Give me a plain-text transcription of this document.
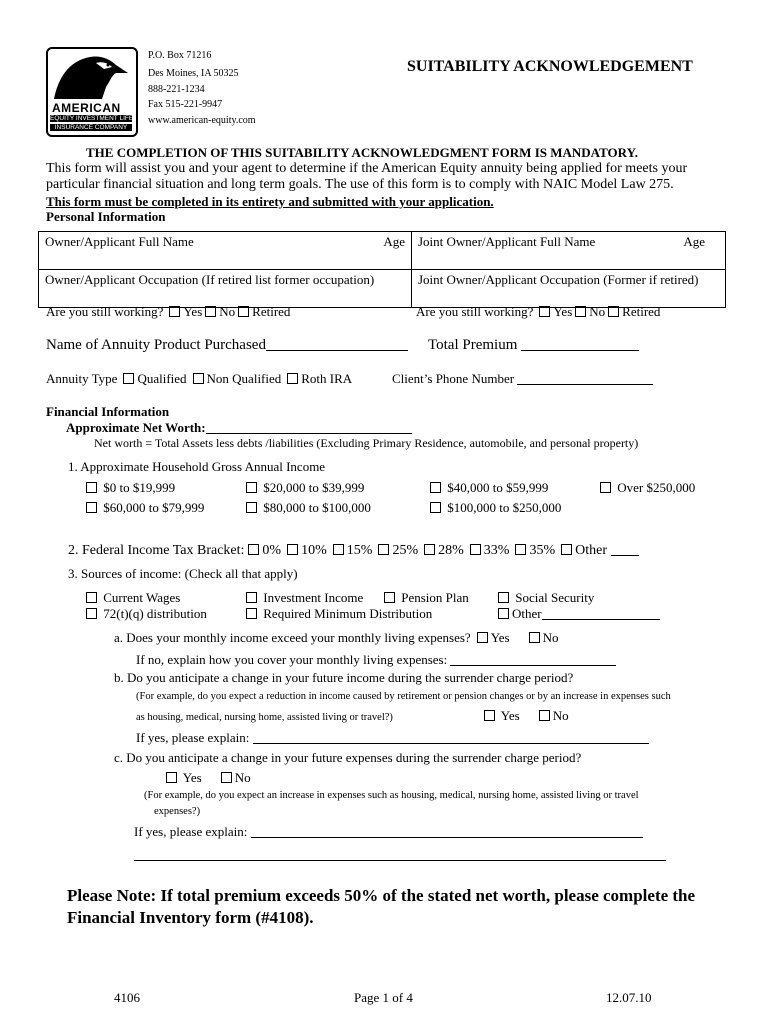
AMERICAN
EQUITY INVESTMENT LIFE
INSURANCE COMPANY
P.O. Box 71216
Des Moines, IA 50325
888-221-1234
Fax 515-221-9947
www.american-equity.com
SUITABILITY ACKNOWLEDGEMENT
THE COMPLETION OF THIS SUITABILITY ACKNOWLEDGMENT FORM IS MANDATORY.
This form will assist you and your agent to determine if the American Equity annuity being applied for meets your
particular financial situation and long term goals. The use of this form is to comply with NAIC Model Law 275.
This form must be completed in its entirety and submitted with your application.
Personal Information
Owner/Applicant Full Name Age	Joint Owner/Applicant Full Name Age

Owner/Applicant Occupation (If retired list former occupation)	Joint Owner/Applicant Occupation (Former if retired)
Are you still working? Yes No Retired	Are you still working? Yes No Retired
Name of Annuity Product Purchased	Total Premium
Annuity Type Qualified Non Qualified Roth IRA	Client’s Phone Number
Financial Information
Approximate Net Worth:
Net worth = Total Assets less debts /liabilities (Excluding Primary Residence, automobile, and personal property)
1. Approximate Household Gross Annual Income
$0 to $19,999	$20,000 to $39,999	$40,000 to $59,999	Over $250,000
$60,000 to $79,999	$80,000 to $100,000	$100,000 to $250,000
2. Federal Income Tax Bracket: 0% 10% 15% 25% 28% 33% 35% Other
3. Sources of income: (Check all that apply)
Current Wages	Investment Income	Pension Plan	Social Security
72(t)(q) distribution	Required Minimum Distribution	Other
a. Does your monthly income exceed your monthly living expenses? Yes	No
If no, explain how you cover your monthly living expenses:
b. Do you anticipate a change in your future income during the surrender charge period?
(For example, do you expect a reduction in income caused by retirement or pension changes or by an increase in expenses such
as housing, medical, nursing home, assisted living or travel?)	Yes	No
If yes, please explain:
c. Do you anticipate a change in your future expenses during the surrender charge period?
Yes	No
(For example, do you expect an increase in expenses such as housing, medical, nursing home, assisted living or travel
expenses?)
If yes, please explain:
Please Note: If total premium exceeds 50% of the stated net worth, please complete the
Financial Inventory form (#4108).
4106	Page 1 of 4	12.07.10
